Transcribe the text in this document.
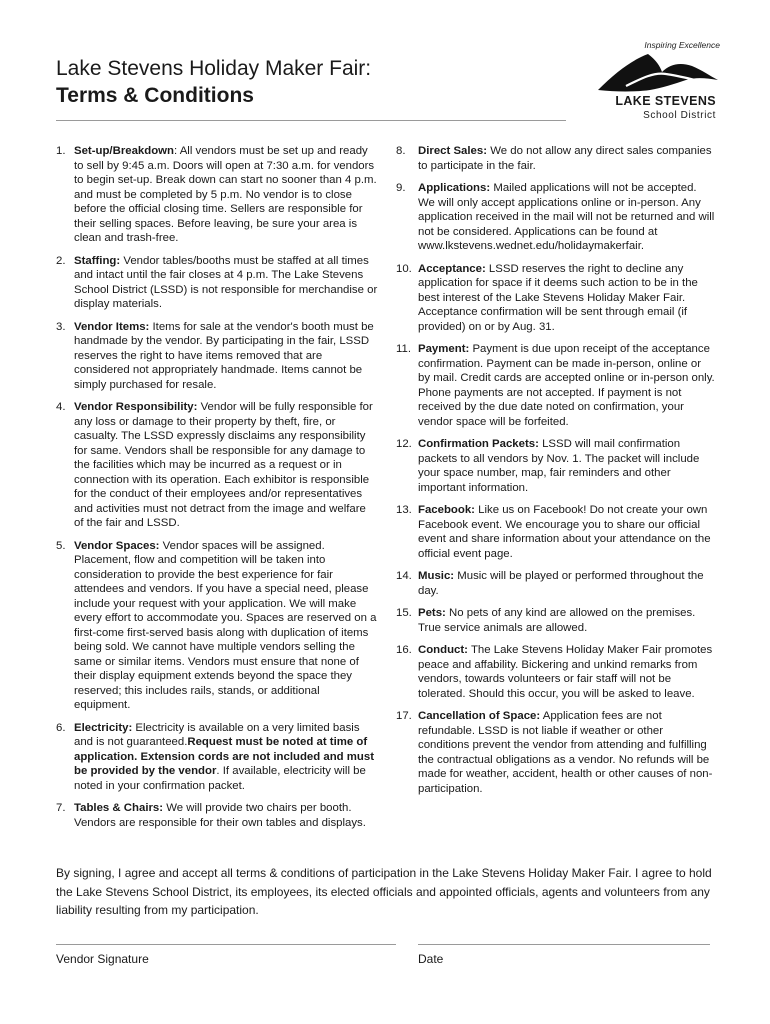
Lake Stevens Holiday Maker Fair:
Terms & Conditions
Inspiring Excellence
LAKE STEVENS
School District
1. Set-up/Breakdown: All vendors must be set up and ready to sell by 9:45 a.m. Doors will open at 7:30 a.m. for vendors to begin set-up. Break down can start no sooner than 4 p.m. and must be completed by 5 p.m. No vendor is to close before the official closing time. Sellers are responsible for their selling spaces. Before leaving, be sure your area is clean and trash-free.
2. Staffing: Vendor tables/booths must be staffed at all times and intact until the fair closes at 4 p.m. The Lake Stevens School District (LSSD) is not responsible for merchandise or display materials.
3. Vendor Items: Items for sale at the vendor's booth must be handmade by the vendor. By participating in the fair, LSSD reserves the right to have items removed that are considered not appropriately handmade. Items cannot be simply purchased for resale.
4. Vendor Responsibility: Vendor will be fully responsible for any loss or damage to their property by theft, fire, or casualty. The LSSD expressly disclaims any responsibility for same. Vendors shall be responsible for any damage to the facilities which may be incurred as a request or in connection with its operation. Each exhibitor is responsible for the conduct of their employees and/or representatives and activities must not detract from the image and welfare of the fair and LSSD.
5. Vendor Spaces: Vendor spaces will be assigned. Placement, flow and competition will be taken into consideration to provide the best experience for fair attendees and vendors. If you have a special need, please include your request with your application. We will make every effort to accommodate you. Spaces are reserved on a first-come first-served basis along with duplication of items being sold. We cannot have multiple vendors selling the same or similar items. Vendors must ensure that none of their display equipment extends beyond the space they reserved; this includes rails, stands, or additional equipment.
6. Electricity: Electricity is available on a very limited basis and is not guaranteed.Request must be noted at time of application. Extension cords are not included and must be provided by the vendor. If available, electricity will be noted in your confirmation packet.
7. Tables & Chairs: We will provide two chairs per booth. Vendors are responsible for their own tables and displays.
8. Direct Sales: We do not allow any direct sales companies to participate in the fair.
9. Applications: Mailed applications will not be accepted. We will only accept applications online or in-person. Any application received in the mail will not be returned and will not be considered. Applications can be found at www.lkstevens.wednet.edu/holidaymakerfair.
10. Acceptance: LSSD reserves the right to decline any application for space if it deems such action to be in the best interest of the Lake Stevens Holiday Maker Fair. Acceptance confirmation will be sent through email (if provided) on or by Aug. 31.
11. Payment: Payment is due upon receipt of the acceptance confirmation. Payment can be made in-person, online or by mail. Credit cards are accepted online or in-person only. Phone payments are not accepted. If payment is not received by the due date noted on confirmation, your vendor space will be forfeited.
12. Confirmation Packets: LSSD will mail confirmation packets to all vendors by Nov. 1. The packet will include your space number, map, fair reminders and other important information.
13. Facebook: Like us on Facebook! Do not create your own Facebook event. We encourage you to share our official event and share information about your attendance on the official event page.
14. Music: Music will be played or performed throughout the day.
15. Pets: No pets of any kind are allowed on the premises. True service animals are allowed.
16. Conduct: The Lake Stevens Holiday Maker Fair promotes peace and affability. Bickering and unkind remarks from vendors, towards volunteers or fair staff will not be tolerated. Should this occur, you will be asked to leave.
17. Cancellation of Space: Application fees are not refundable. LSSD is not liable if weather or other conditions prevent the vendor from attending and fulfilling the contractual obligations as a vendor. No refunds will be made for weather, accident, health or other causes of non-participation.
By signing, I agree and accept all terms & conditions of participation in the Lake Stevens Holiday Maker Fair. I agree to hold the Lake Stevens School District, its employees, its elected officials and appointed officials, agents and volunteers from any liability resulting from my participation.
Vendor Signature	Date
